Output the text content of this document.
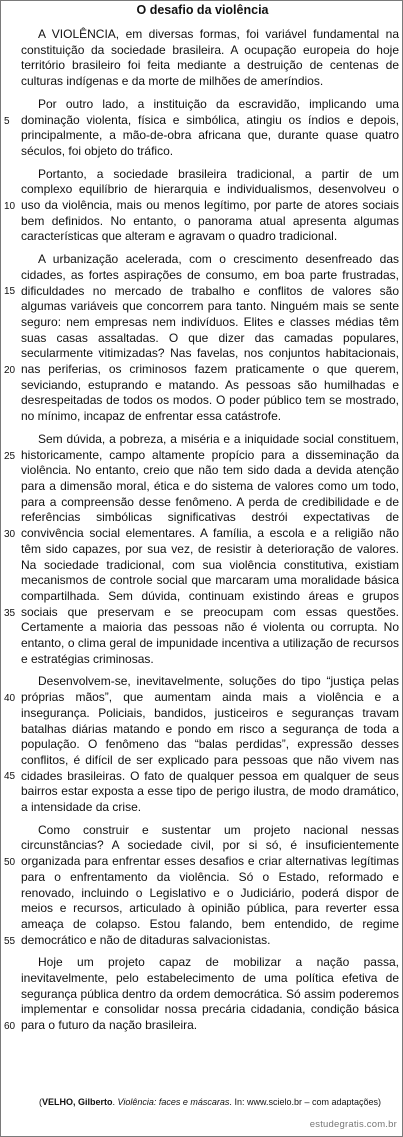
O desafio da violência
5
10
15
20
25
30
35
40
45
50
55
60

A VIOLÊNCIA, em diversas formas, foi variável fundamental na constituição da sociedade brasileira. A ocupação europeia do hoje território brasileiro foi feita mediante a destruição de centenas de culturas indígenas e da morte de milhões de ameríndios.

Por outro lado, a instituição da escravidão, implicando uma dominação violenta, física e simbólica, atingiu os índios e depois, principalmente, a mão-de-obra africana que, durante quase quatro séculos, foi objeto do tráfico.

Portanto, a sociedade brasileira tradicional, a partir de um complexo equilíbrio de hierarquia e individualismos, desenvolveu o uso da violência, mais ou menos legítimo, por parte de atores sociais bem definidos. No entanto, o panorama atual apresenta algumas características que alteram e agravam o quadro tradicional.

A urbanização acelerada, com o crescimento desenfreado das cidades, as fortes aspirações de consumo, em boa parte frustradas, dificuldades no mercado de trabalho e conflitos de valores são algumas variáveis que concorrem para tanto. Ninguém mais se sente seguro: nem empresas nem indivíduos. Elites e classes médias têm suas casas assaltadas. O que dizer das camadas populares, secularmente vitimizadas? Nas favelas, nos conjuntos habitacionais, nas periferias, os criminosos fazem praticamente o que querem, seviciando, estuprando e matando. As pessoas são humilhadas e desrespeitadas de todos os modos. O poder público tem se mostrado, no mínimo, incapaz de enfrentar essa catástrofe.

Sem dúvida, a pobreza, a miséria e a iniquidade social constituem, historicamente, campo altamente propício para a disseminação da violência. No entanto, creio que não tem sido dada a devida atenção para a dimensão moral, ética e do sistema de valores como um todo, para a compreensão desse fenômeno. A perda de credibilidade e de referências simbólicas significativas destrói expectativas de convivência social elementares. A família, a escola e a religião não têm sido capazes, por sua vez, de resistir à deterioração de valores. Na sociedade tradicional, com sua violência constitutiva, existiam mecanismos de controle social que marcaram uma moralidade básica compartilhada. Sem dúvida, continuam existindo áreas e grupos sociais que preservam e se preocupam com essas questões. Certamente a maioria das pessoas não é violenta ou corrupta. No entanto, o clima geral de impunidade incentiva a utilização de recursos e estratégias criminosas.

Desenvolvem-se, inevitavelmente, soluções do tipo “justiça pelas próprias mãos”, que aumentam ainda mais a violência e a insegurança. Policiais, bandidos, justiceiros e seguranças travam batalhas diárias matando e pondo em risco a segurança de toda a população. O fenômeno das “balas perdidas”, expressão desses conflitos, é difícil de ser explicado para pessoas que não vivem nas cidades brasileiras. O fato de qualquer pessoa em qualquer de seus bairros estar exposta a esse tipo de perigo ilustra, de modo dramático, a intensidade da crise.

Como construir e sustentar um projeto nacional nessas circunstâncias? A sociedade civil, por si só, é insuficientemente organizada para enfrentar esses desafios e criar alternativas legítimas para o enfrentamento da violência. Só o Estado, reformado e renovado, incluindo o Legislativo e o Judiciário, poderá dispor de meios e recursos, articulado à opinião pública, para reverter essa ameaça de colapso. Estou falando, bem entendido, de regime democrático e não de ditaduras salvacionistas.

Hoje um projeto capaz de mobilizar a nação passa, inevitavelmente, pelo estabelecimento de uma política efetiva de segurança pública dentro da ordem democrática. Só assim poderemos implementar e consolidar nossa precária cidadania, condição básica para o futuro da nação brasileira.

(VELHO, Gilberto. Violência: faces e máscaras. In: www.scielo.br – com adaptações)
estudegratis.com.br
